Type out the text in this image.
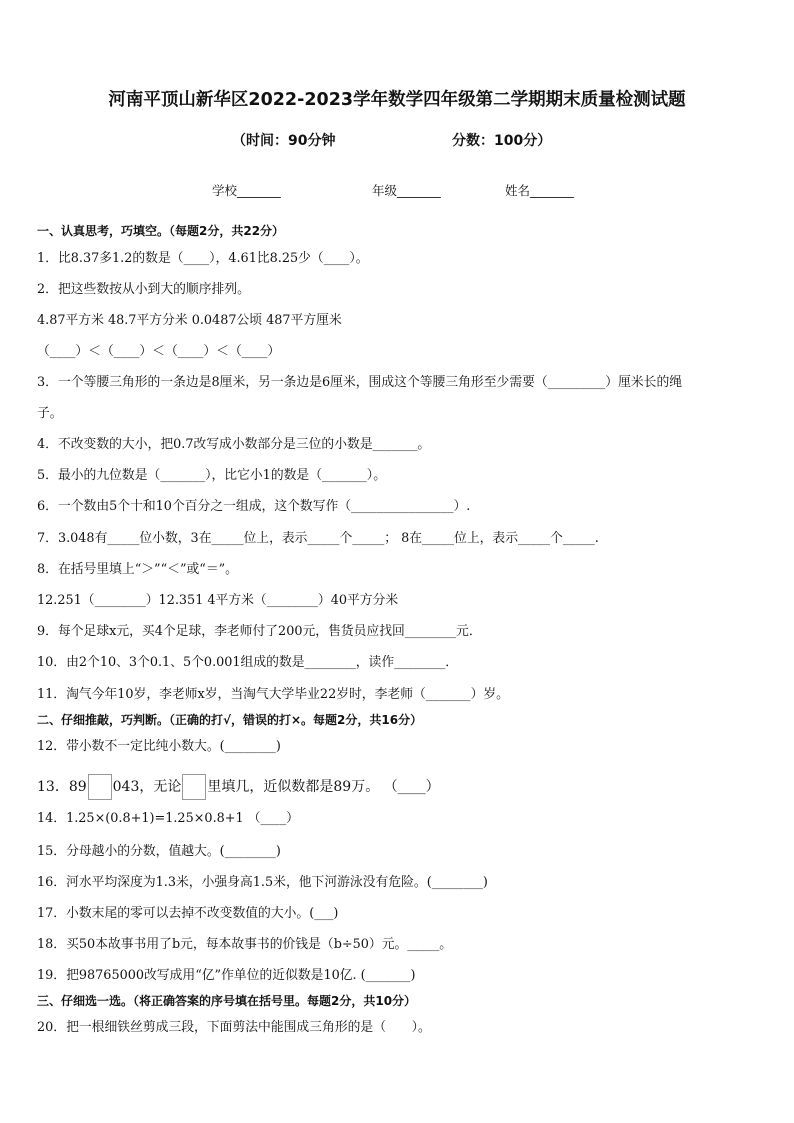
河南平顶山新华区2022-2023学年数学四年级第二学期期末质量检测试题
（时间：90分钟	分数：100分）
学校_______	年级_______	姓名_______
一、认真思考，巧填空。（每题2分，共22分）
1．比8.37多1.2的数是（____），4.61比8.25少（____）。
2．把这些数按从小到大的顺序排列。
4.87平方米 48.7平方分米 0.0487公顷 487平方厘米
（____）＜（____）＜（____）＜（____）
3．一个等腰三角形的一条边是8厘米，另一条边是6厘米，围成这个等腰三角形至少需要（_________）厘米长的绳
子。
4．不改变数的大小，把0.7改写成小数部分是三位的小数是_______。
5．最小的九位数是（_______），比它小1的数是（_______）。
6．一个数由5个十和10个百分之一组成，这个数写作（________________）.
7．3.048有_____位小数，3在_____位上，表示_____个_____； 8在_____位上，表示_____个_____.
8．在括号里填上“＞”“＜”或“＝”。
12.251（________）12.351 4平方米（________）40平方分米
9．每个足球x元，买4个足球，李老师付了200元，售货员应找回________元．
10．由2个10、3个0.1、5个0.001组成的数是________，读作________．
11．淘气今年10岁，李老师x岁，当淘气大学毕业22岁时，李老师（_______）岁。
二、仔细推敲，巧判断。（正确的打√，错误的打×。每题2分，共16分）
12．带小数不一定比纯小数大。(________)
13．89 043，无论 里填几，近似数都是89万。 （____）
14．1.25×(0.8+1)=1.25×0.8+1 （____）
15．分母越小的分数，值越大。(________)
16．河水平均深度为1.3米，小强身高1.5米，他下河游泳没有危险。(________)
17．小数末尾的零可以去掉不改变数值的大小。(___)
18．买50本故事书用了b元，每本故事书的价钱是（b÷50）元。_____。
19．把98765000改写成用“亿”作单位的近似数是10亿. (_______)
三、仔细选一选。（将正确答案的序号填在括号里。每题2分，共10分）
20．把一根细铁丝剪成三段，下面剪法中能围成三角形的是（　　）。
